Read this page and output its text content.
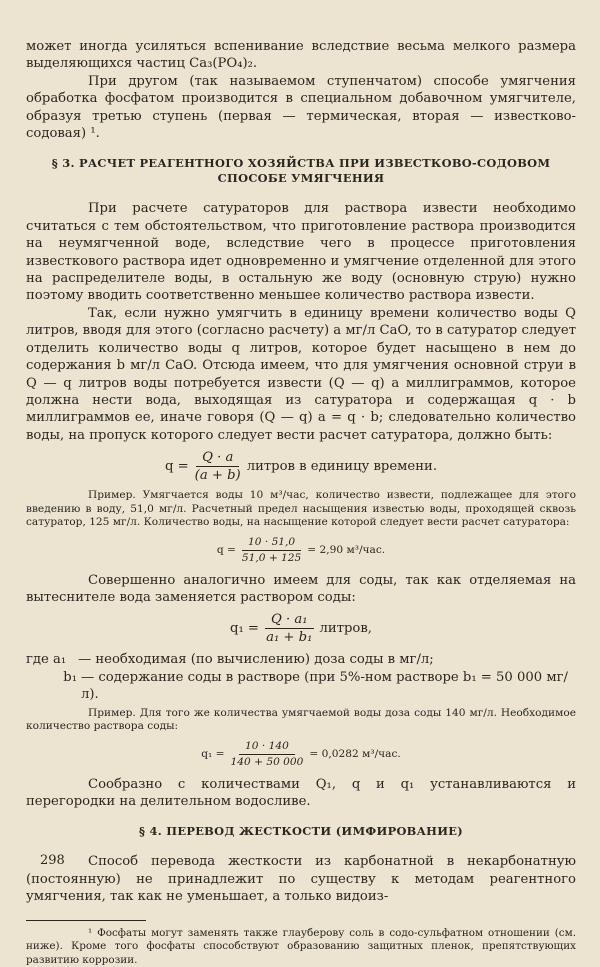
может иногда усиляться вспенивание вследствие весьма мелкого размера выделяющихся частиц Ca₃(PO₄)₂.

При другом (так называемом ступенчатом) способе умягчения обработка фосфатом производится в специальном добавочном умягчителе, образуя третью ступень (первая — термическая, вторая — известково-содовая) ¹.

§ 3. РАСЧЕТ РЕАГЕНТНОГО ХОЗЯЙСТВА ПРИ ИЗВЕСТКОВО-СОДОВОМ СПОСОБЕ УМЯГЧЕНИЯ

При расчете сатураторов для раствора извести необходимо считаться с тем обстоятельством, что приготовление раствора производится на неумягченной воде, вследствие чего в процессе приготовления известкового раствора идет одновременно и умягчение отделенной для этого на распределителе воды, в остальную же воду (основную струю) нужно поэтому вводить соответственно меньшее количество раствора извести.

Так, если нужно умягчить в единицу времени количество воды Q литров, вводя для этого (согласно расчету) a мг/л CaO, то в сатуратор следует отделить количество воды q литров, которое будет насыщено в нем до содержания b мг/л CaO. Отсюда имеем, что для умягчения основной струи в Q — q литров воды потребуется извести (Q — q) a миллиграммов, которое должна нести вода, выходящая из сатуратора и содержащая q · b миллиграммов ее, иначе говоря (Q — q) a = q · b; следовательно количество воды, на пропуск которого следует вести расчет сатуратора, должно быть:

$q = \frac{Q \cdot a}{(a + b)}$ литров в единицу времени.

Пример. Умягчается воды 10 м³/час, количество извести, подлежащее для этого введению в воду, 51,0 мг/л. Расчетный предел насыщения известью воды, проходящей сквозь сатуратор, 125 мг/л. Количество воды, на насыщение которой следует вести расчет сатуратора:

$q = \frac{10 \cdot 51,0}{51,0 + 125} = 2,90$ м³/час.

Совершенно аналогично имеем для соды, так как отделяемая на вытеснителе вода заменяется раствором соды:

$q_1 = \frac{\text{Q · a₁}}{\text{a₁ + b₁}}$ литров,
где a₁ — необходимая (по вычислению) доза соды в мг/л;
b₁ — содержание соды в растворе (при 5%-ном растворе b₁ = 50 000 мг/л).

Пример. Для того же количества умягчаемой воды доза соды 140 мг/л. Необходимое количество раствора соды:

$q_1 = \frac{10 \cdot 140}{140 + 50 000} = 0,0282$ м³/час.

Сообразно с количествами Q₁, q и q₁ устанавливаются и перегородки на делительном водосливе.

§ 4. ПЕРЕВОД ЖЕСТКОСТИ (ИМФИРОВАНИЕ)

Способ перевода жесткости из карбонатной в некарбонатную (постоянную) не принадлежит по существу к методам реагентного умягчения, так как не уменьшает, а только видоиз-

¹ Фосфаты могут заменять также глауберову соль в содо-сульфатном отношении (см. ниже). Кроме того фосфаты способствуют образованию защитных пленок, препятствующих развитию коррозии.

298
